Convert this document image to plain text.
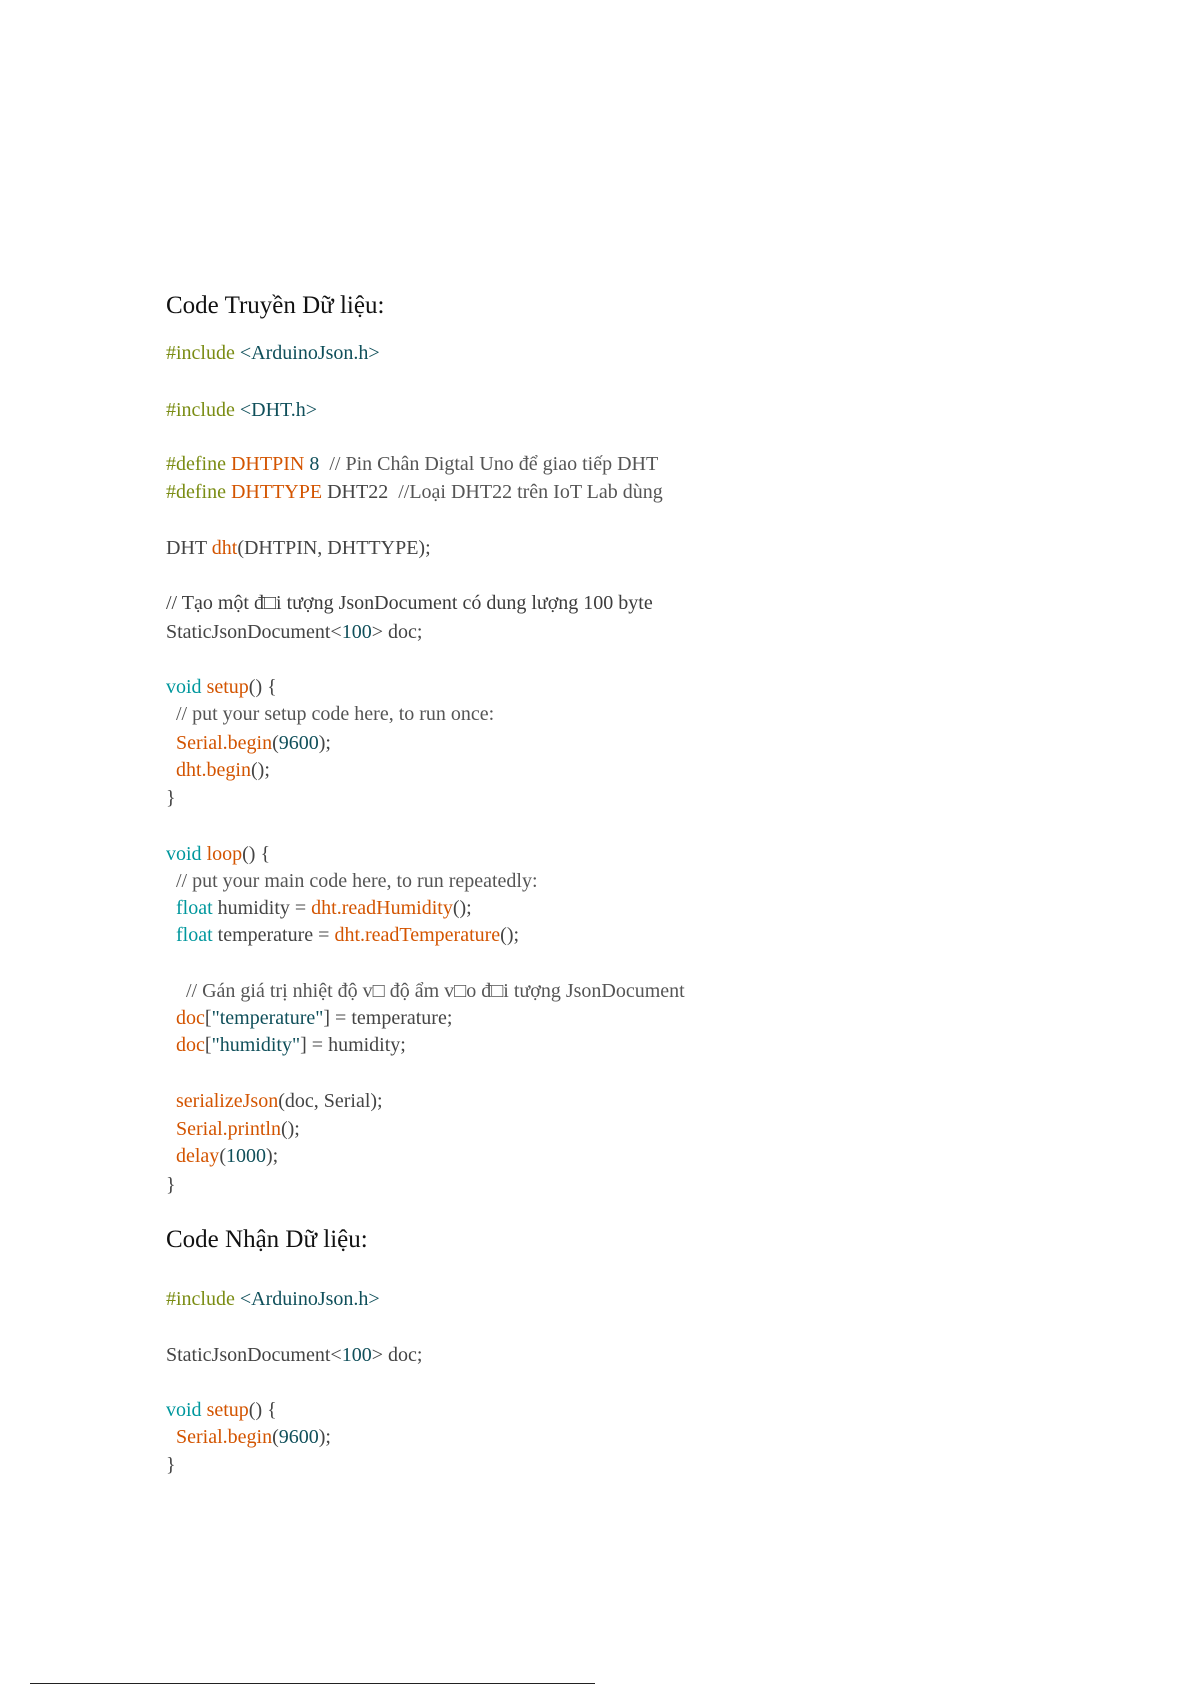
Code Truyền Dữ liệu:
#include <ArduinoJson.h>
#include <DHT.h>
#define DHTPIN 8  // Pin Chân Digtal Uno để giao tiếp DHT
#define DHTTYPE DHT22  //Loại DHT22 trên IoT Lab dùng
DHT dht(DHTPIN, DHTTYPE);
// Tạo một đ□i tượng JsonDocument có dung lượng 100 byte
StaticJsonDocument<100> doc;
void setup() {
// put your setup code here, to run once:
Serial.begin(9600);
dht.begin();
}
void loop() {
// put your main code here, to run repeatedly:
float humidity = dht.readHumidity();
float temperature = dht.readTemperature();
// Gán giá trị nhiệt độ v□ độ ẩm v□o đ□i tượng JsonDocument
doc["temperature"] = temperature;
doc["humidity"] = humidity;
serializeJson(doc, Serial);
Serial.println();
delay(1000);
}
Code Nhận Dữ liệu:
#include <ArduinoJson.h>
StaticJsonDocument<100> doc;
void setup() {
Serial.begin(9600);
}
